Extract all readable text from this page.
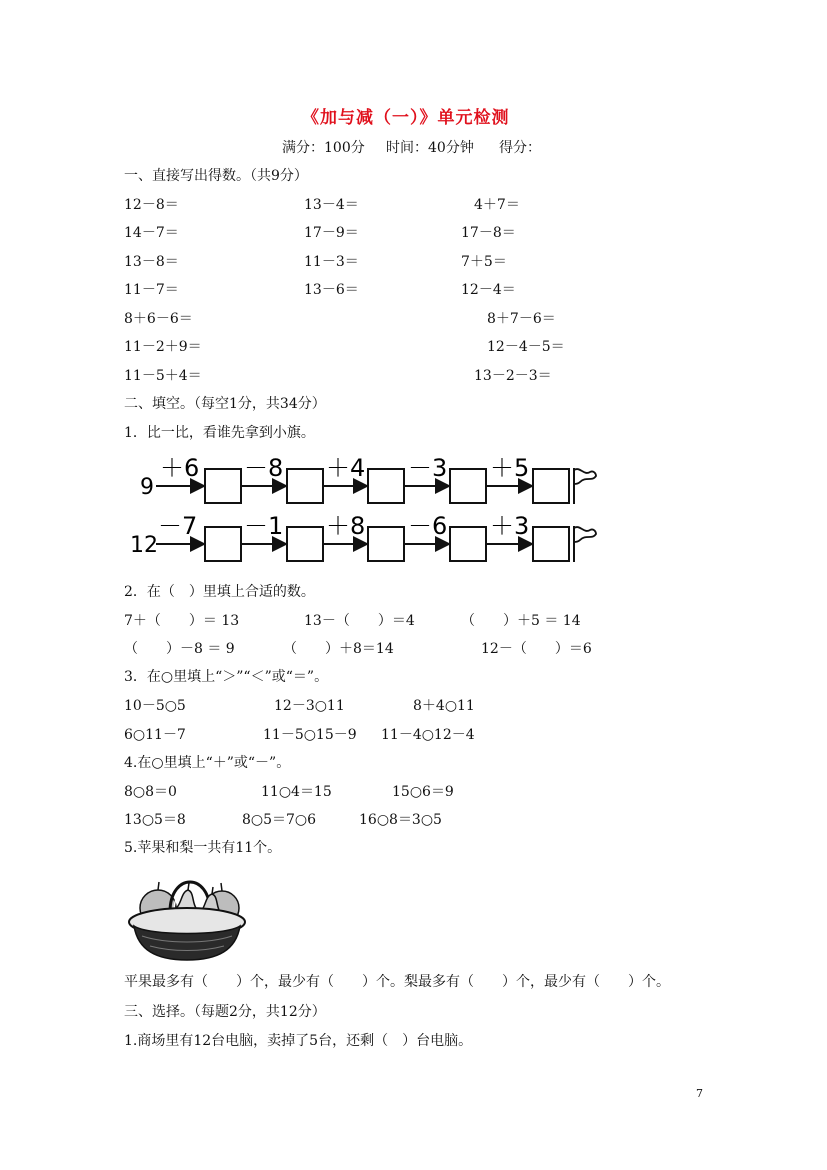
《加与减（一）》单元检测
满分：100分 时间：40分钟 得分：
一、直接写出得数。（共9分）
12－8＝	13－4＝	4＋7＝
14－7＝	17－9＝	17－8＝
13－8＝	11－3＝	7＋5＝
11－7＝	13－6＝	12－4＝
8＋6－6＝	8＋7－6＝
11－2＋9＝	12－4－5＝
11－5＋4＝	13－2－3＝
二、填空。（每空1分，共34分）
1．比一比，看谁先拿到小旗。
9
＋6 －8 ＋4 －3 ＋5
12
－7 －1 ＋8 －6 ＋3
2．在（　）里填上合适的数。
7＋（　　）＝ 13	13－（　　）＝4	（　　）＋5 ＝ 14
（　　）－8 ＝ 9	（　　）＋8＝14	12－（　　）＝6
3．在○里填上“＞”“＜”或“＝”。
10－5○5	12－3○11	8＋4○11
6○11－7	11－5○15－9 11－4○12－4
4.在○里填上“＋”或“－”。
8○8＝0	11○4＝15	15○6＝9
13○5＝8	8○5＝7○6	16○8＝3○5
5.苹果和梨一共有11个。
平果最多有（　　）个，最少有（　　）个。梨最多有（　　）个，最少有（　　）个。
三、选择。（每题2分，共12分）
1.商场里有12台电脑，卖掉了5台，还剩（　）台电脑。
7
